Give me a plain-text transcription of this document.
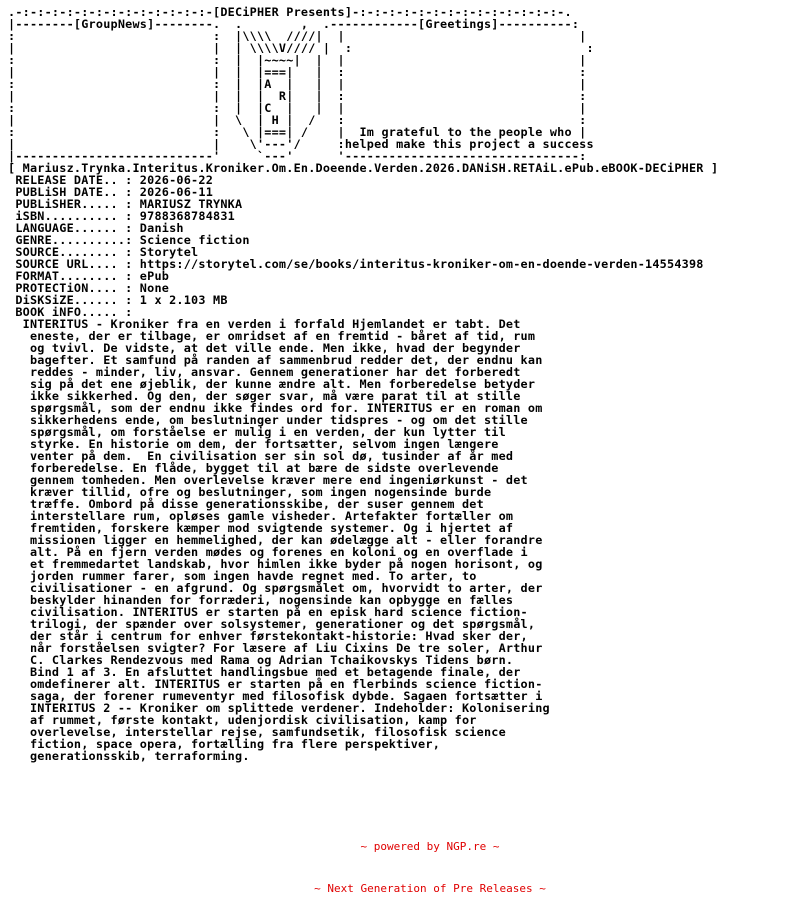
.-:-:-:-:-:-:-:-:-:-:-:-:-:-[DECiPHER Presents]-:-:-:-:-:-:-:-:-:-:-:-:-:-:-.
|--------[GroupNews]--------.  .        ,  .------------[Greetings]----------:
:                           :  |\\\\  ////|  |                                |
|                           |  | \\\\V//// |  :                                :
:                           :  |  |~~~~|  |  |                                |
|                           |  |  |===|   |  :                                :
:                           :  |  |A  |   |  |                                |
|                           |  |  |  R|   |  :                                :
:                           :  |  |C  |   |  |                                |
|                           |  \  | H |  /   :                                :
:                           :   \ |===| /    |  Im grateful to the people who |
|                           |    \'---'/     :helped make this project a success
|---------------------------'     `---'      '--------------------------------:
[ Mariusz.Trynka.Interitus.Kroniker.Om.En.Doeende.Verden.2026.DANiSH.RETAiL.ePub.eBOOK-DECiPHER ]
RELEASE DATE.. : 2026-06-22
PUBLiSH DATE.. : 2026-06-11
PUBLiSHER..... : MARIUSZ TRYNKA
iSBN.......... : 9788368784831
LANGUAGE...... : Danish
GENRE..........: Science fiction
SOURCE........ : Storytel
SOURCE URL.... : https://storytel.com/se/books/interitus-kroniker-om-en-doende-verden-14554398
FORMAT........ : ePub
PROTECTiON.... : None
DiSKSiZE...... : 1 x 2.103 MB
BOOK iNFO..... :
INTERITUS - Kroniker fra en verden i forfald Hjemlandet er tabt. Det
eneste, der er tilbage, er omridset af en fremtid - båret af tid, rum
og tvivl. De vidste, at det ville ende. Men ikke, hvad der begynder
bagefter. Et samfund på randen af sammenbrud redder det, der endnu kan
reddes - minder, liv, ansvar. Gennem generationer har det forberedt
sig på det ene øjeblik, der kunne ændre alt. Men forberedelse betyder
ikke sikkerhed. Og den, der søger svar, må være parat til at stille
spørgsmål, som der endnu ikke findes ord for. INTERITUS er en roman om
sikkerhedens ende, om beslutninger under tidspres - og om det stille
spørgsmål, om forståelse er mulig i en verden, der kun lytter til
styrke. En historie om dem, der fortsætter, selvom ingen længere
venter på dem.  En civilisation ser sin sol dø, tusinder af år med
forberedelse. En flåde, bygget til at bære de sidste overlevende
gennem tomheden. Men overlevelse kræver mere end ingeniørkunst - det
kræver tillid, ofre og beslutninger, som ingen nogensinde burde
træffe. Ombord på disse generationsskibe, der suser gennem det
interstellare rum, opløses gamle visheder. Artefakter fortæller om
fremtiden, forskere kæmper mod svigtende systemer. Og i hjertet af
missionen ligger en hemmelighed, der kan ødelægge alt - eller forandre
alt. På en fjern verden mødes og forenes en koloni og en overflade i
et fremmedartet landskab, hvor himlen ikke byder på nogen horisont, og
jorden rummer farer, som ingen havde regnet med. To arter, to
civilisationer - en afgrund. Og spørgsmålet om, hvorvidt to arter, der
beskylder hinanden for forræderi, nogensinde kan opbygge en fælles
civilisation. INTERITUS er starten på en episk hard science fiction-
trilogi, der spænder over solsystemer, generationer og det spørgsmål,
der står i centrum for enhver førstekontakt-historie: Hvad sker der,
når forståelsen svigter? For læsere af Liu Cixins De tre soler, Arthur
C. Clarkes Rendezvous med Rama og Adrian Tchaikovskys Tidens børn.
Bind 1 af 3. En afsluttet handlingsbue med et betagende finale, der
omdefinerer alt. INTERITUS er starten på en flerbinds science fiction-
saga, der forener rumeventyr med filosofisk dybde. Sagaen fortsætter i
INTERITUS 2 -- Kroniker om splittede verdener. Indeholder: Kolonisering
af rummet, første kontakt, udenjordisk civilisation, kamp for
overlevelse, interstellar rejse, samfundsetik, filosofisk science
fiction, space opera, fortælling fra flere perspektiver,
generationsskib, terraforming.

~ powered by NGP.re ~

~ Next Generation of Pre Releases ~
